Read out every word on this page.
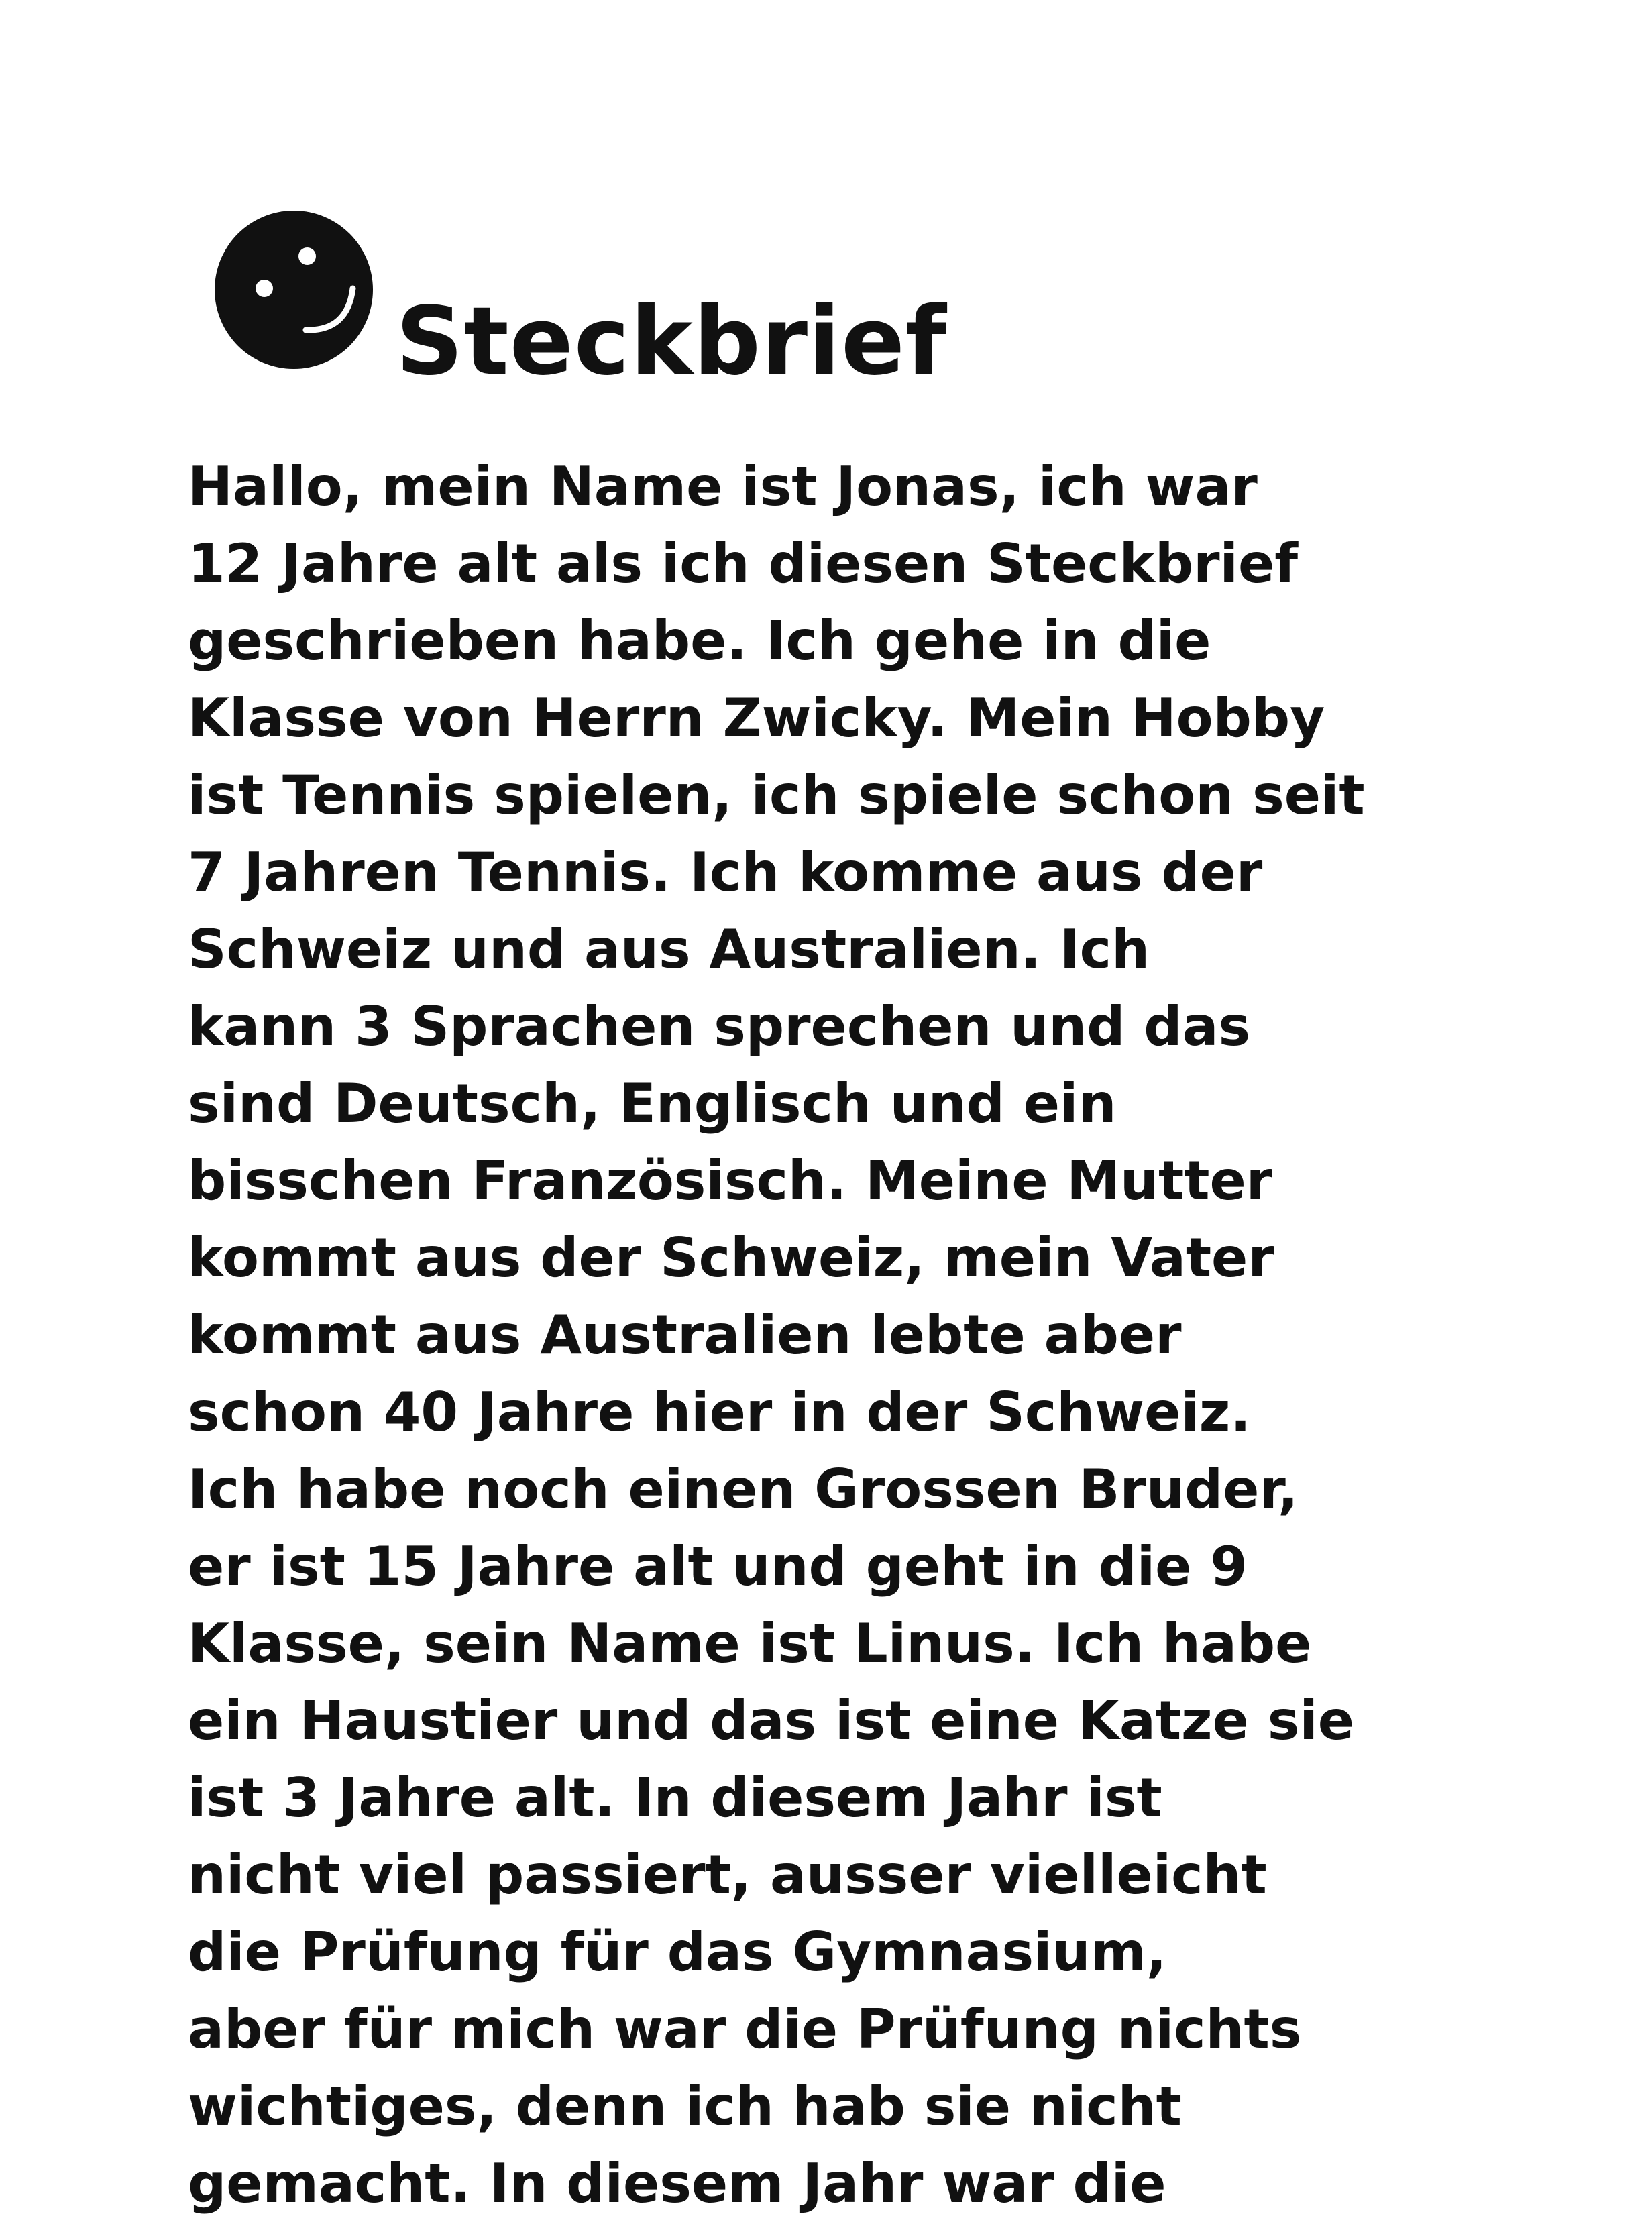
Steckbrief
Hallo, mein Name ist Jonas, ich war
12 Jahre alt als ich diesen Steckbrief
geschrieben habe. Ich gehe in die
Klasse von Herrn Zwicky. Mein Hobby
ist Tennis spielen, ich spiele schon seit
7 Jahren Tennis. Ich komme aus der
Schweiz und aus Australien. Ich
kann 3 Sprachen sprechen und das
sind Deutsch, Englisch und ein
bisschen Französisch. Meine Mutter
kommt aus der Schweiz, mein Vater
kommt aus Australien lebte aber
schon 40 Jahre hier in der Schweiz.
Ich habe noch einen Grossen Bruder,
er ist 15 Jahre alt und geht in die 9
Klasse, sein Name ist Linus. Ich habe
ein Haustier und das ist eine Katze sie
ist 3 Jahre alt. In diesem Jahr ist
nicht viel passiert, ausser vielleicht
die Prüfung für das Gymnasium,
aber für mich war die Prüfung nichts
wichtiges, denn ich hab sie nicht
gemacht. In diesem Jahr war die
